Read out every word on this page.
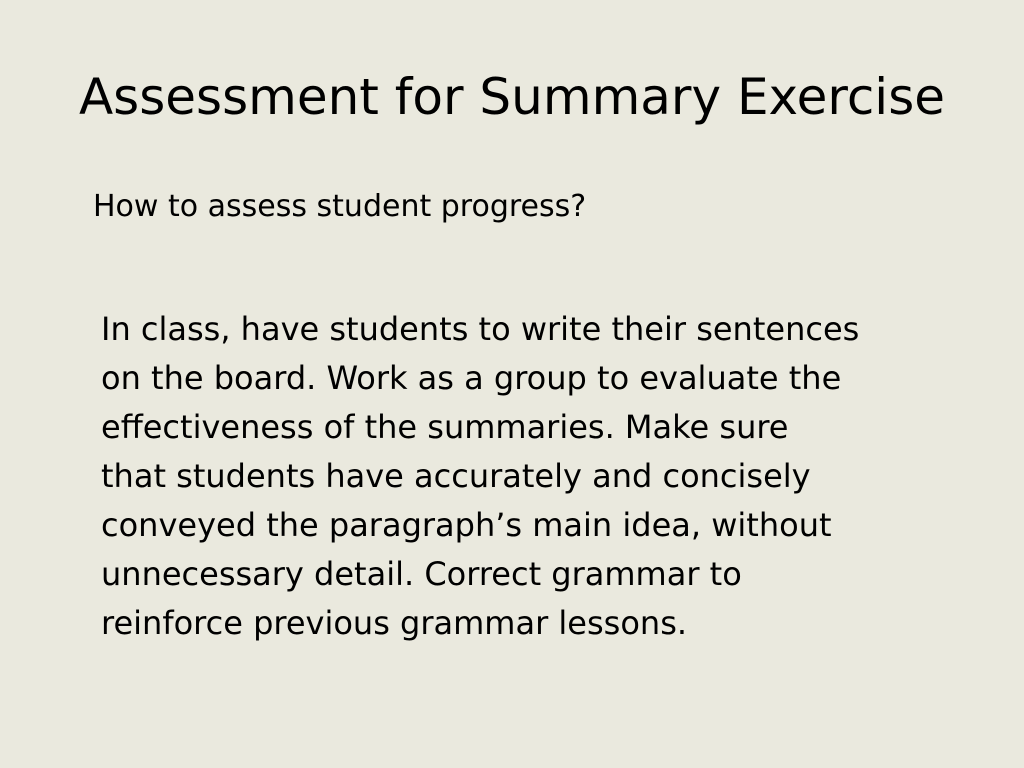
Assessment for Summary Exercise

How to assess student progress?

In class, have students to write their sentences
on the board. Work as a group to evaluate the
effectiveness of the summaries. Make sure
that students have accurately and concisely
conveyed the paragraph’s main idea, without
unnecessary detail. Correct grammar to
reinforce previous grammar lessons.
